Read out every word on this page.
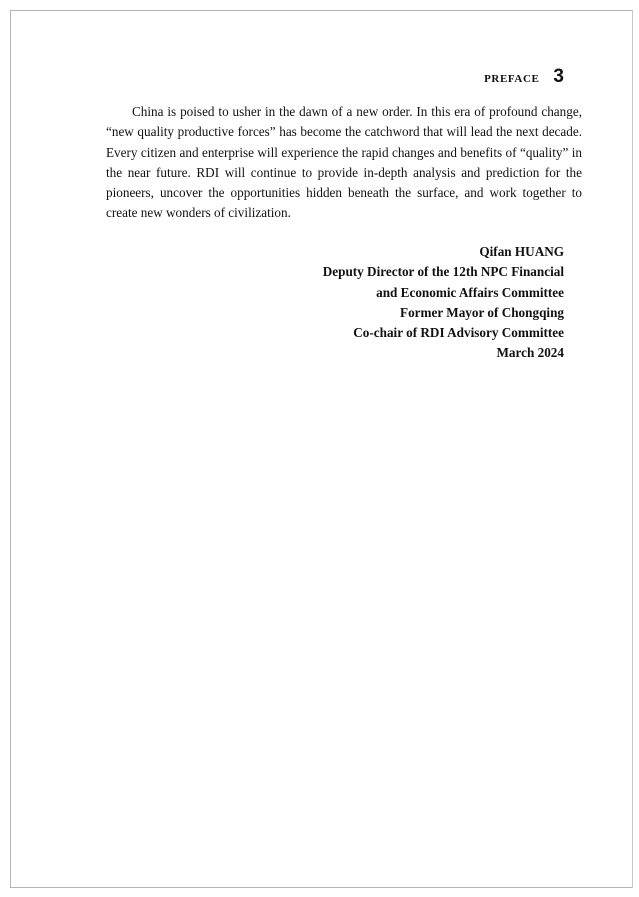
PREFACE 3

China is poised to usher in the dawn of a new order. In this era of profound change, “new quality productive forces” has become the catchword that will lead the next decade. Every citizen and enterprise will experience the rapid changes and benefits of “quality” in the near future. RDI will continue to provide in-depth analysis and prediction for the pioneers, uncover the opportunities hidden beneath the surface, and work together to create new wonders of civilization.

Qifan HUANG
Deputy Director of the 12th NPC Financial
and Economic Affairs Committee
Former Mayor of Chongqing
Co-chair of RDI Advisory Committee
March 2024
